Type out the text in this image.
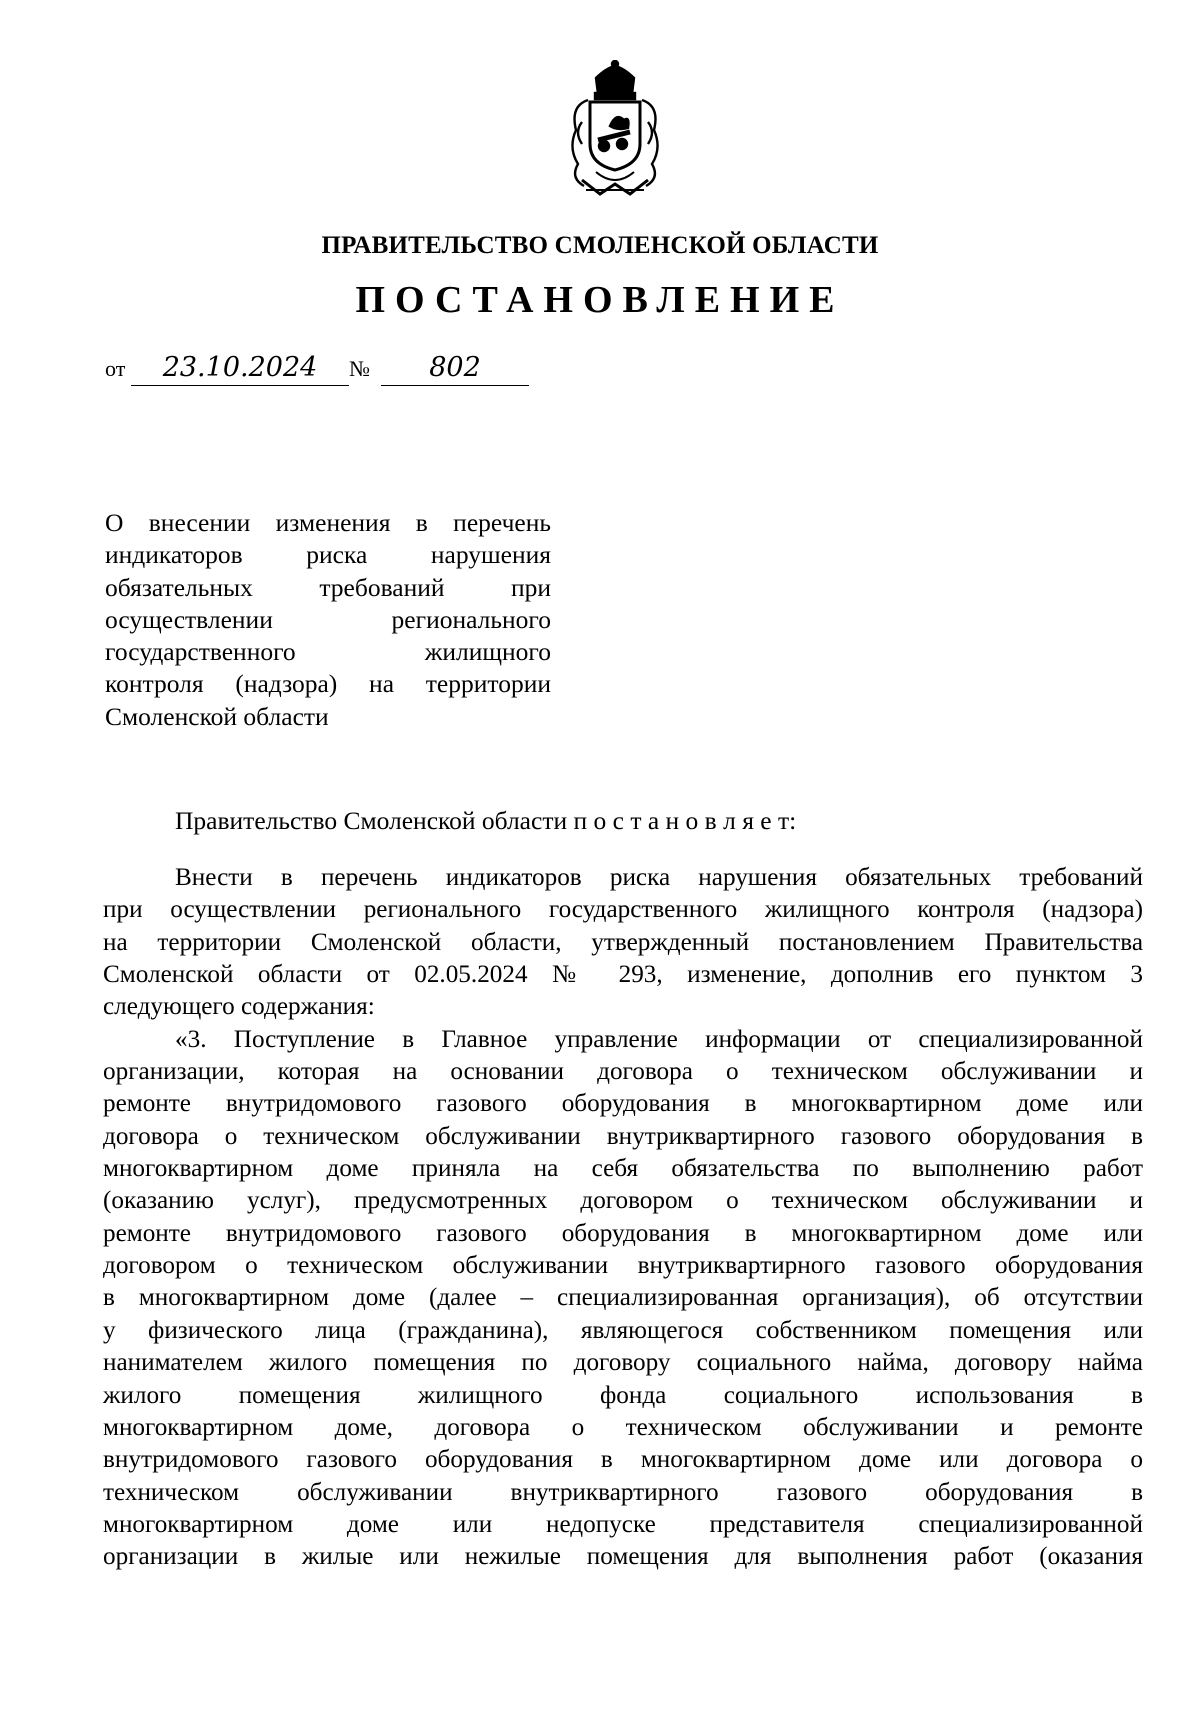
ПРАВИТЕЛЬСТВО СМОЛЕНСКОЙ ОБЛАСТИ
ПОСТАНОВЛЕНИЕ
от	23.10.2024	№	802
О внесении изменения в перечень
индикаторов риска нарушения
обязательных требований при
осуществлении регионального
государственного жилищного
контроля (надзора) на территории
Смоленской области
Правительство Смоленской области п о с т а н о в л я е т:
Внести в перечень индикаторов риска нарушения обязательных требований
при осуществлении регионального государственного жилищного контроля (надзора)
на территории Смоленской области, утвержденный постановлением Правительства
Смоленской области от 02.05.2024 № 293, изменение, дополнив его пунктом 3
следующего содержания:
«3. Поступление в Главное управление информации от специализированной
организации, которая на основании договора о техническом обслуживании и
ремонте внутридомового газового оборудования в многоквартирном доме или
договора о техническом обслуживании внутриквартирного газового оборудования в
многоквартирном доме приняла на себя обязательства по выполнению работ
(оказанию услуг), предусмотренных договором о техническом обслуживании и
ремонте внутридомового газового оборудования в многоквартирном доме или
договором о техническом обслуживании внутриквартирного газового оборудования
в многоквартирном доме (далее – специализированная организация), об отсутствии
у физического лица (гражданина), являющегося собственником помещения или
нанимателем жилого помещения по договору социального найма, договору найма
жилого помещения жилищного фонда социального использования в
многоквартирном доме, договора о техническом обслуживании и ремонте
внутридомового газового оборудования в многоквартирном доме или договора о
техническом обслуживании внутриквартирного газового оборудования в
многоквартирном доме или недопуске представителя специализированной
организации в жилые или нежилые помещения для выполнения работ (оказания
